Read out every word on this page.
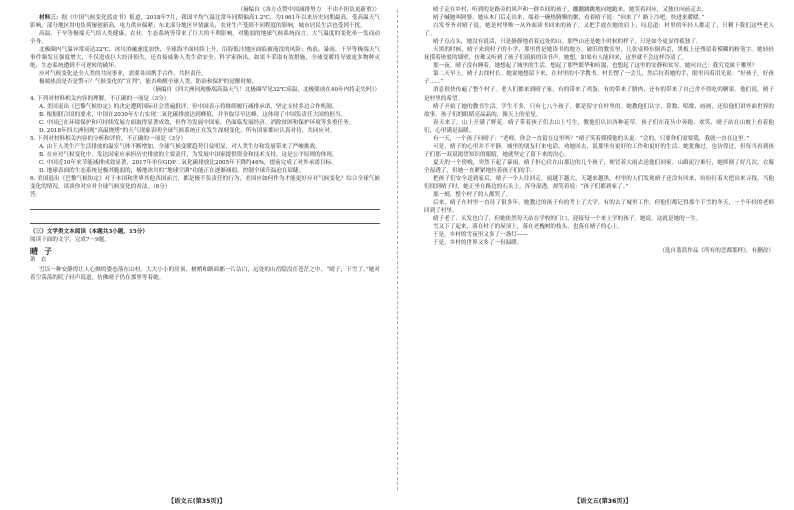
（摘编自《各方点赞中国减排努力　不由不担负更新重》）

材料三：据《中国气候变化蓝皮书》报道，2018年7月，我国平均气温比常年同期偏高1.2℃，为1961年以来历史同期最高。受高温天气影响，部分地区用电负荷屡创新高，电力供应偏紧；东北部分地区旱情露头，农业生产受到不同程度的影响，城市居民生活也受到干扰。

高温、干旱等极端天气给人类健康、农业、生态系统等带来了巨大的不利影响。对脆弱的地球气候系统而言，大气温度的变化牵一发而动全身。

北极圈内气温异常高达32℃，冰川消融速度加快，全球海平面持续上升，沿海低洼地区面临被淹没的风险；热浪、暴雨、干旱等极端天气事件频发且强度增大，不仅造成巨大经济损失，还直接威胁人类生命安全。科学家指出，如果不采取有效措施，全球变暖将导致更多物种灭绝，生态系统遭到不可逆转的破坏。

应对气候变化是全人类的共同事业，需要各国携手合作、共担责任。

极端热浪是否是警示？气候变化的“宣判”，能否唤醒全球人类。防治和保护的觉醒时刻。

（摘编自《四大洲同现极端高温天气！北极圈罕见32℃高温，北极熊成在40年内将走失吗》）

4. 下列对材料相关内容的理解，不正确的一项是（3分）

A. 美国退出《巴黎气候协定》的决定遭到国际社会普遍批评，但中国表示将继续履行减排承诺，坚定支持多边合作机制。

B. 根据联合国的要求，中国在2030年左右实现二氧化碳排放达到峰值，并争取尽早达峰，这体现了中国负责任大国的担当。

C. 中国已在环境保护和可持续发展方面取得显著成效，但作为发展中国家，仍面临发展经济、消除贫困和保护环境等多重任务。

D. 2018年四大洲同现“高温烧烤”的天气现象表明全球气候系统正在发生深刻变化，所有国家都应认真对待，共同应对。

5. 下列对材料相关内容的分析和评价，不正确的一项是（3分）

A. 由于人类生产生活排放的温室气体不断增加，全球气候变暖趋势日益明显，对人类生存和发展带来了严峻挑战。

B. 在应对气候变化中，发达国家应承担历史排放的主要责任，为发展中国家提供资金和技术支持，这是公平原则的体现。

C. 中国近10年来节能减排成效显著，2017年单位GDP二氧化碳排放比2005年下降约46%，提前完成了对外承诺目标。

D. 地球表面的生态系统是极其脆弱的，极地冰川的“地球空调”功能正在逐渐减弱，控制全球升温迫在眉睫。

6. 美国退出《巴黎气候协定》对于本国和世界其他各国而言，都是极不负责任的行为，美国应如何作为才能更好应对气候变化？综合全球气候变化的情况，谈谈你对应对全球气候变化的看法。（6分）

答：

（三）文学类文本阅读（本题共3小题，15分）

阅读下面的文字，完成7～9题。

晴子

萧　衣

雪以一种安静得让人心颤的姿态落在山村。大大小小的房顶、树梢和路面都一片洁白，远处的山峦隐没在苍茫之中。“晴子，下雪了。”她对着空荡荡的院子轻声说道，仿佛晴子仍在那里等着她。

晴子走在乡村，听到的是路旁的风声和一群乡间的孩子，蹦蹦跳跳地向她跑来，她笑着回应，又独自向前走去。

晴子喊她叫阿婆。她从木门后走出来，端着一碗热腾腾的粥，看着晴子说：“回来了？路上冷吧，快进来暖暖。”

白发爷爷对晴子说，她是村里唯一从外面读书回来的孩子，又把手放在她的肩上，叹息道：村里的年轻人都走了，只剩下我们这些老人了。

晴子点点头，她没有说话，只是静静地看着远处的山。那些山还是她小时候的样子，只是如今更显得孤独了。

天黑的时候，晴子来到村子的小学，那里曾是她读书的地方。破旧的教室里，几张桌椅东倒西歪，黑板上还残留着模糊的粉笔字。她轻轻抚摸着斑驳的墙壁，仿佛又听到了孩子们琅琅的读书声。她想，如果有人能回来，这里就不会这样冷清了。

那一夜，晴子没有睡着。她想起了城里的生活，想起了那些繁华和喧嚣，也想起了这里的安静和贫穷。她问自己：我究竟属于哪里？

第二天早上，晴子去找村长。她说她想留下来，在村里的小学教书。村长愣了一会儿，然后拉着她的手，眼里闪着泪光说：“好孩子，好孩子……”

消息很快传遍了整个村子。老人们都来到晴子家，有的带来了鸡蛋，有的带来了腊肉，还有的带来了自己舍不得吃的糖果。他们说，晴子是村里的希望。

晴子开始了她的教书生活。学生不多，只有七八个孩子，都是留守在村里的。她教他们认字、算数、唱歌、画画，还给他们讲外面世界的故事。孩子们的眼睛亮晶晶的，像天上的星星。

春天来了，山上开满了野花。晴子带着孩子们去山上写生，教他们认识各种花草。孩子们在花丛中奔跑、欢笑，晴子站在山坡上看着他们，心里满是温暖。

有一天，一个孩子问晴子：“老师，你会一直留在这里吗？”晴子笑着摸摸他的头说：“会的，只要你们需要我，我就一直在这里。”

可是，晴子的心里并不平静。城里的朋友打来电话，劝她回去，说那里有更好的工作和更好的生活。她犹豫过，也彷徨过，但每当看到孩子们那一双双渴望知识的眼睛，她就坚定了留下来的决心。

夏天的一个傍晚，突然下起了暴雨。晴子担心住在山那边的几个孩子，便冒着大雨去送他们回家。山路泥泞难行，她摔倒了好几次，衣服全湿透了，但她一直紧紧地拉着孩子们的手。

把孩子们安全送到家后，晴子一个人往回走。雨越下越大，天越来越黑。村里的人们发现晴子还没有回来，纷纷打着火把出来寻找。当他们找到晴子时，她正坐在路边的石头上，浑身湿透，却笑着说：“孩子们都到家了。”

那一刻，整个村子的人都哭了。

后来，晴子在村里一直待了很多年。她教过的孩子有的考上了大学，有的去了城里工作，但他们都记得那个下雪的冬天，一个年轻的老师回到了村里。

晴子老了，头发也白了，但她依然每天站在学校的门口，迎接每一个来上学的孩子。她说，这就是她的一生。

雪又下了起来，落在村子的屋顶上，落在老槐树的枝头，也落在晴子的心上。

于是，乡村的雪夜里又多了一盏灯——

于是，乡村的世界又多了一份温暖。

（选自蓝蓝作品《所有的恋都那样》，有删改）

【语文五(第35页)】	【语文五(第36页)】
